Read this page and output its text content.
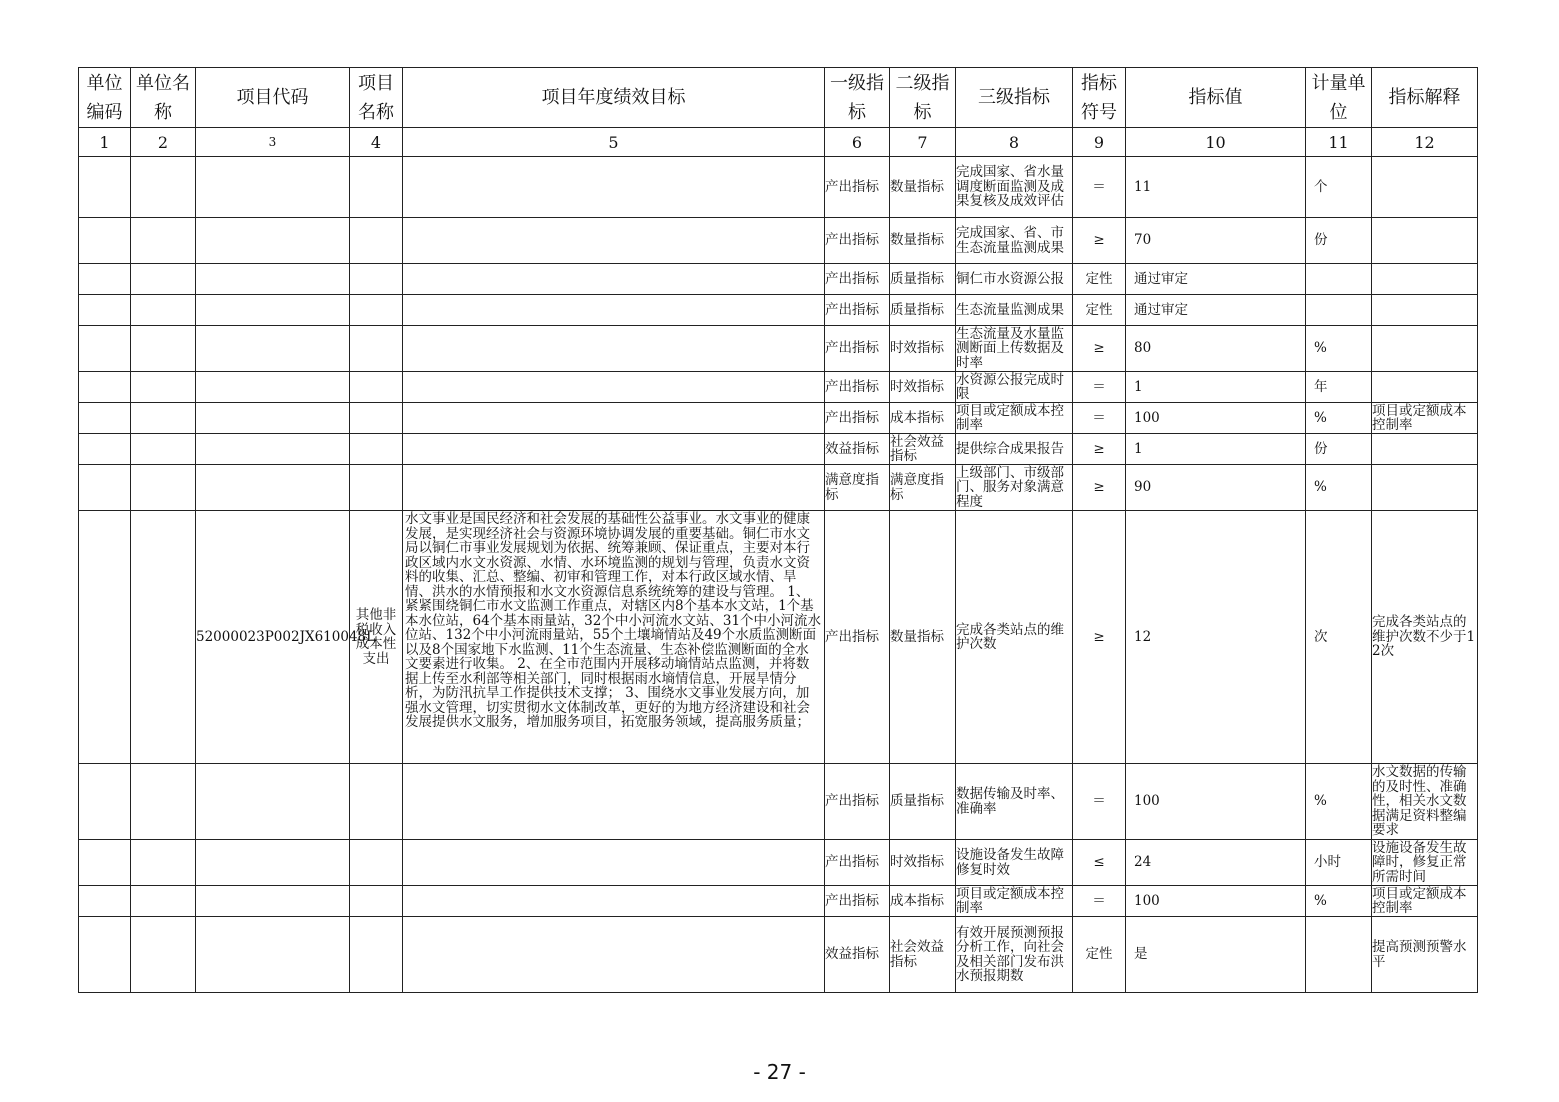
单位编码	单位名称	项目代码	项目名称	项目年度绩效目标	一级指标	二级指标	三级指标	指标符号	指标值	计量单位	指标解释
1	2	3	4	5	6	7	8	9	10	11	12
					产出指标	数量指标	完成国家、省水量调度断面监测及成果复核及成效评估	＝	11	个	
					产出指标	数量指标	完成国家、省、市生态流量监测成果	≥	70	份	
					产出指标	质量指标	铜仁市水资源公报	定性	通过审定		
					产出指标	质量指标	生态流量监测成果	定性	通过审定		
					产出指标	时效指标	生态流量及水量监测断面上传数据及时率	≥	80	%	
					产出指标	时效指标	水资源公报完成时限	＝	1	年	
					产出指标	成本指标	项目或定额成本控制率	＝	100	%	项目或定额成本控制率
					效益指标	社会效益指标	提供综合成果报告	≥	1	份	
					满意度指标	满意度指标	上级部门、市级部门、服务对象满意程度	≥	90	%	
		52000023P002JX610048L	其他非税收入成本性支出	水文事业是国民经济和社会发展的基础性公益事业。水文事业的健康发展，是实现经济社会与资源环境协调发展的重要基础。铜仁市水文局以铜仁市事业发展规划为依据、统筹兼顾、保证重点，主要对本行政区域内水文水资源、水情、水环境监测的规划与管理，负责水文资料的收集、汇总、整编、初审和管理工作，对本行政区域水情、旱情、洪水的水情预报和水文水资源信息系统统筹的建设与管理。 1、紧紧围绕铜仁市水文监测工作重点，对辖区内8个基本水文站，1个基本水位站，64个基本雨量站，32个中小河流水文站、31个中小河流水位站、132个中小河流雨量站，55个土壤墒情站及49个水质监测断面以及8个国家地下水监测、11个生态流量、生态补偿监测断面的全水文要素进行收集。 2、在全市范围内开展移动墒情站点监测，并将数据上传至水利部等相关部门，同时根据雨水墒情信息，开展旱情分析，为防汛抗旱工作提供技术支撑； 3、围绕水文事业发展方向，加强水文管理，切实贯彻水文体制改革，更好的为地方经济建设和社会发展提供水文服务，增加服务项目，拓宽服务领域，提高服务质量；	产出指标	数量指标	完成各类站点的维护次数	≥	12	次	完成各类站点的维护次数不少于12次
					产出指标	质量指标	数据传输及时率、准确率	＝	100	%	水文数据的传输的及时性、准确性，相关水文数据满足资料整编要求
					产出指标	时效指标	设施设备发生故障修复时效	≤	24	小时	设施设备发生故障时，修复正常所需时间
					产出指标	成本指标	项目或定额成本控制率	＝	100	%	项目或定额成本控制率
					效益指标	社会效益指标	有效开展预测预报分析工作，向社会及相关部门发布洪水预报期数	定性	是		提高预测预警水平
- 27 -
